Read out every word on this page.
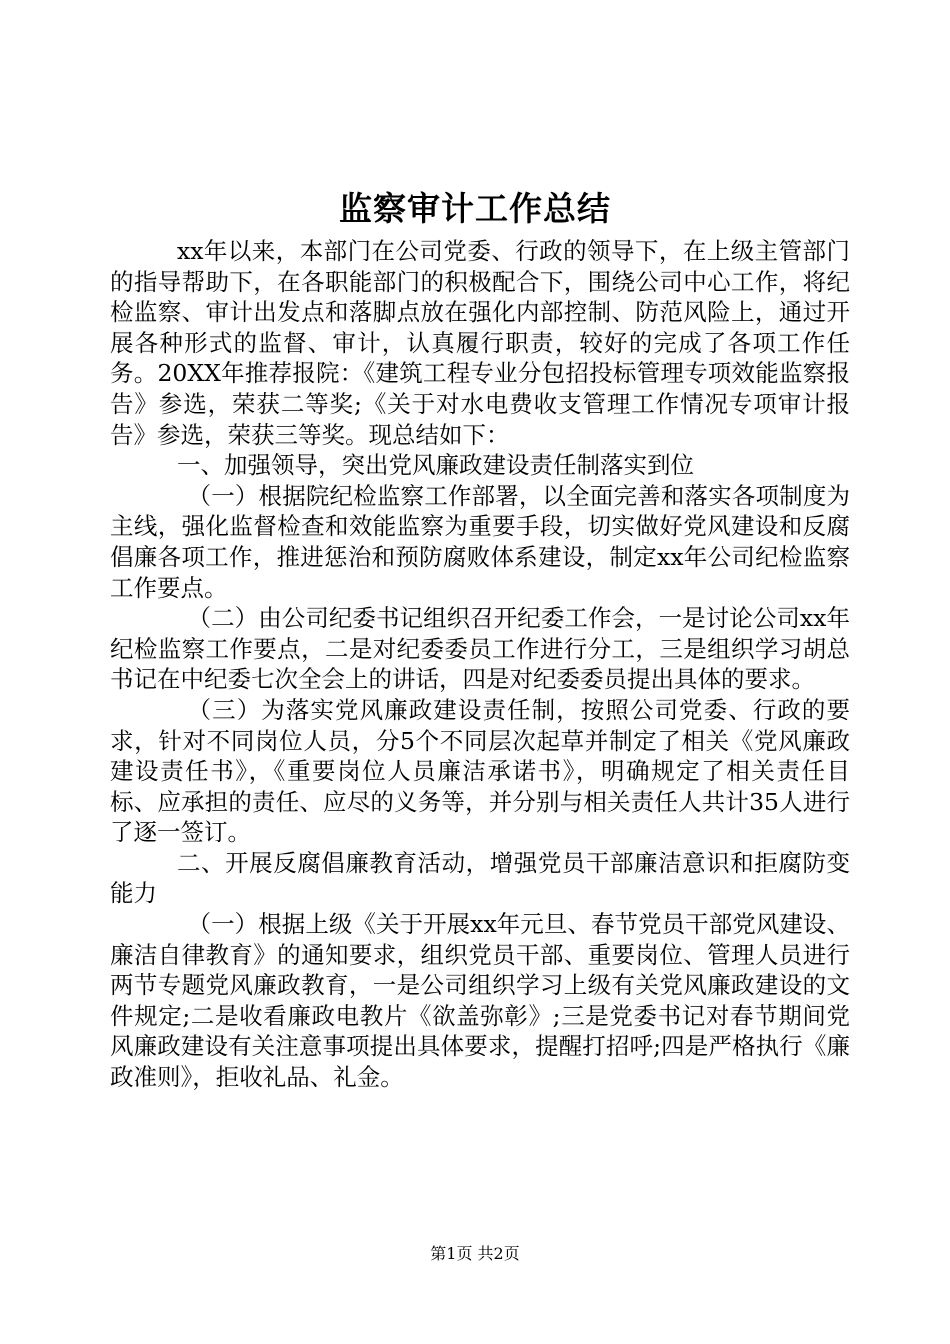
监察审计工作总结

xx年以来，本部门在公司党委、行政的领导下，在上级主管部门的指导帮助下，在各职能部门的积极配合下，围绕公司中心工作，将纪检监察、审计出发点和落脚点放在强化内部控制、防范风险上，通过开展各种形式的监督、审计，认真履行职责，较好的完成了各项工作任务。20XX年推荐报院：《建筑工程专业分包招投标管理专项效能监察报告》参选，荣获二等奖;《关于对水电费收支管理工作情况专项审计报告》参选，荣获三等奖。现总结如下：

一、加强领导，突出党风廉政建设责任制落实到位

（一）根据院纪检监察工作部署，以全面完善和落实各项制度为主线，强化监督检查和效能监察为重要手段，切实做好党风建设和反腐倡廉各项工作，推进惩治和预防腐败体系建设，制定xx年公司纪检监察工作要点。

（二）由公司纪委书记组织召开纪委工作会，一是讨论公司xx年纪检监察工作要点，二是对纪委委员工作进行分工，三是组织学习胡总书记在中纪委七次全会上的讲话，四是对纪委委员提出具体的要求。

（三）为落实党风廉政建设责任制，按照公司党委、行政的要求，针对不同岗位人员，分5个不同层次起草并制定了相关《党风廉政建设责任书》，《重要岗位人员廉洁承诺书》，明确规定了相关责任目标、应承担的责任、应尽的义务等，并分别与相关责任人共计35人进行了逐一签订。

二、开展反腐倡廉教育活动，增强党员干部廉洁意识和拒腐防变能力

（一）根据上级《关于开展xx年元旦、春节党员干部党风建设、廉洁自律教育》的通知要求，组织党员干部、重要岗位、管理人员进行两节专题党风廉政教育，一是公司组织学习上级有关党风廉政建设的文件规定;二是收看廉政电教片《欲盖弥彰》;三是党委书记对春节期间党风廉政建设有关注意事项提出具体要求，提醒打招呼;四是严格执行《廉政准则》，拒收礼品、礼金。

第1页 共2页
